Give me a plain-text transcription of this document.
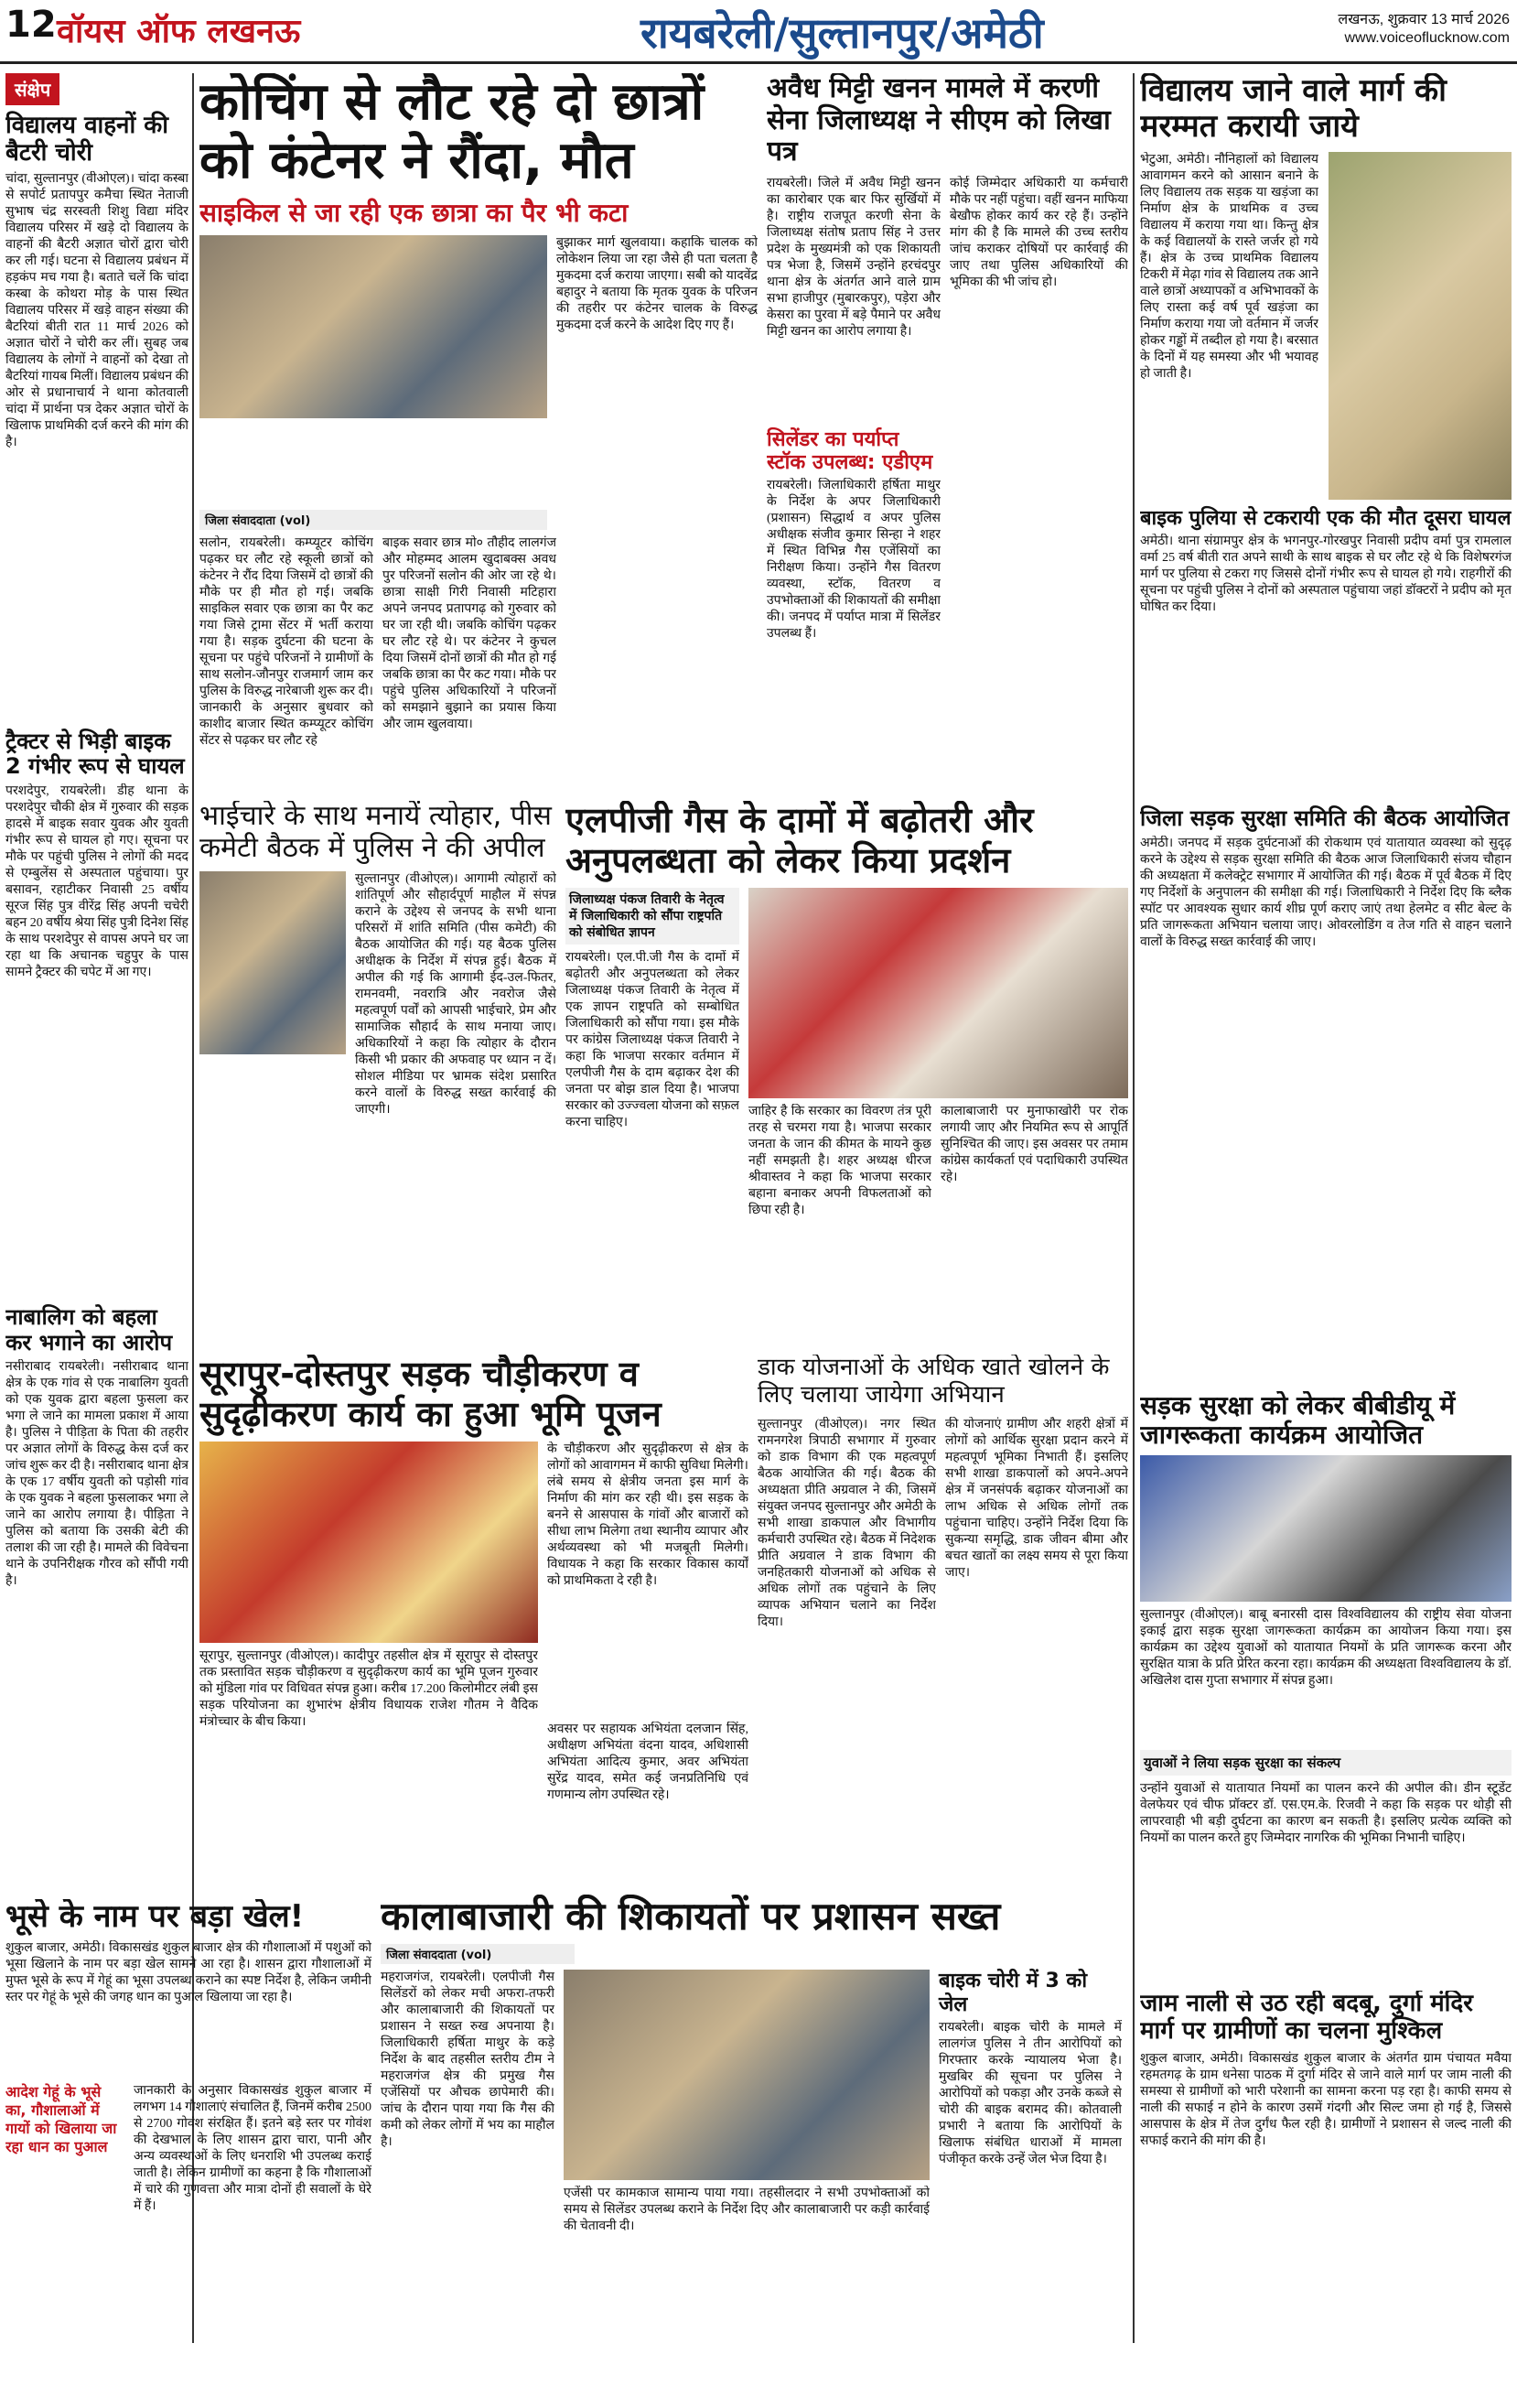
12 वॉयस ऑफ लखनऊ	रायबरेली/सुल्तानपुर/अमेठी	लखनऊ, शुक्रवार 13 मार्च 2026
www.voiceoflucknow.com
संक्षेप
विद्यालय वाहनों की बैटरी चोरी
चांदा, सुल्तानपुर (वीओएल)। चांदा कस्बा से सपोर्ट प्रतापपुर कमैचा स्थित नेताजी सुभाष चंद्र सरस्वती शिशु विद्या मंदिर विद्यालय परिसर में खड़े दो विद्यालय के वाहनों की बैटरी अज्ञात चोरों द्वारा चोरी कर ली गई। घटना से विद्यालय प्रबंधन में हड़कंप मच गया है। बताते चलें कि चांदा कस्बा के कोथरा मोड़ के पास स्थित विद्यालय परिसर में खड़े वाहन संख्या की बैटरियां बीती रात 11 मार्च 2026 को अज्ञात चोरों ने चोरी कर लीं। सुबह जब विद्यालय के लोगों ने वाहनों को देखा तो बैटरियां गायब मिलीं। विद्यालय प्रबंधन की ओर से प्रधानाचार्य ने थाना कोतवाली चांदा में प्रार्थना पत्र देकर अज्ञात चोरों के खिलाफ प्राथमिकी दर्ज करने की मांग की है।
ट्रैक्टर से भिड़ी बाइक 2 गंभीर रूप से घायल
परशदेपुर, रायबरेली। डीह थाना के परशदेपुर चौकी क्षेत्र में गुरुवार की सड़क हादसे में बाइक सवार युवक और युवती गंभीर रूप से घायल हो गए। सूचना पर मौके पर पहुंची पुलिस ने लोगों की मदद से एम्बुलेंस से अस्पताल पहुंचाया। पुर बसावन, रहाटीकर निवासी 25 वर्षीय सूरज सिंह पुत्र वीरेंद्र सिंह अपनी चचेरी बहन 20 वर्षीय श्रेया सिंह पुत्री दिनेश सिंह के साथ परशदेपुर से वापस अपने घर जा रहा था कि अचानक चहुपुर के पास सामने ट्रैक्टर की चपेट में आ गए।
नाबालिग को बहला कर भगाने का आरोप
नसीराबाद रायबरेली। नसीराबाद थाना क्षेत्र के एक गांव से एक नाबालिग युवती को एक युवक द्वारा बहला फुसला कर भगा ले जाने का मामला प्रकाश में आया है। पुलिस ने पीड़िता के पिता की तहरीर पर अज्ञात लोगों के विरुद्ध केस दर्ज कर जांच शुरू कर दी है। नसीराबाद थाना क्षेत्र के एक 17 वर्षीय युवती को पड़ोसी गांव के एक युवक ने बहला फुसलाकर भगा ले जाने का आरोप लगाया है। पीड़िता ने पुलिस को बताया कि उसकी बेटी की तलाश की जा रही है। मामले की विवेचना थाने के उपनिरीक्षक गौरव को सौंपी गयी है।
कोचिंग से लौट रहे दो छात्रों को कंटेनर ने रौंदा, मौत
साइकिल से जा रही एक छात्रा का पैर भी कटा
बुझाकर मार्ग खुलवाया। कहाकि चालक को लोकेशन लिया जा रहा जैसे ही पता चलता है मुकदमा दर्ज कराया जाएगा। सबी को यादवेंद्र बहादुर ने बताया कि मृतक युवक के परिजन की तहरीर पर कंटेनर चालक के विरुद्ध मुकदमा दर्ज करने के आदेश दिए गए हैं।
जिला संवाददाता (vol)
सलोन, रायबरेली। कम्प्यूटर कोचिंग पढ़कर घर लौट रहे स्कूली छात्रों को कंटेनर ने रौंद दिया जिसमें दो छात्रों की मौके पर ही मौत हो गई। जबकि साइकिल सवार एक छात्रा का पैर कट गया जिसे ट्रामा सेंटर में भर्ती कराया गया है। सड़क दुर्घटना की घटना के सूचना पर पहुंचे परिजनों ने ग्रामीणों के साथ सलोन-जौनपुर राजमार्ग जाम कर पुलिस के विरुद्ध नारेबाजी शुरू कर दी। जानकारी के अनुसार बुधवार को काशीद बाजार स्थित कम्प्यूटर कोचिंग सेंटर से पढ़कर घर लौट रहे
बाइक सवार छात्र मो० तौहीद लालगंज और मोहम्मद आलम खुदाबक्स अवध पुर परिजनों सलोन की ओर जा रहे थे। छात्रा साक्षी गिरी निवासी मटिहारा अपने जनपद प्रतापगढ़ को गुरुवार को घर जा रही थी। जबकि कोचिंग पढ़कर घर लौट रहे थे। पर कंटेनर ने कुचल दिया जिसमें दोनों छात्रों की मौत हो गई जबकि छात्रा का पैर कट गया। मौके पर पहुंचे पुलिस अधिकारियों ने परिजनों को समझाने बुझाने का प्रयास किया और जाम खुलवाया।
अवैध मिट्टी खनन मामले में करणी सेना जिलाध्यक्ष ने सीएम को लिखा पत्र
रायबरेली। जिले में अवैध मिट्टी खनन का कारोबार एक बार फिर सुर्खियों में है। राष्ट्रीय राजपूत करणी सेना के जिलाध्यक्ष संतोष प्रताप सिंह ने उत्तर प्रदेश के मुख्यमंत्री को एक शिकायती पत्र भेजा है, जिसमें उन्होंने हरचंदपुर थाना क्षेत्र के अंतर्गत आने वाले ग्राम सभा हाजीपुर (मुबारकपुर), पड़ेरा और केसरा का पुरवा में बड़े पैमाने पर अवैध मिट्टी खनन का आरोप लगाया है।
सिलेंडर का पर्याप्त स्टॉक उपलब्ध: एडीएम
रायबरेली। जिलाधिकारी हर्षिता माथुर के निर्देश के अपर जिलाधिकारी (प्रशासन) सिद्धार्थ व अपर पुलिस अधीक्षक संजीव कुमार सिन्हा ने शहर में स्थित विभिन्न गैस एजेंसियों का निरीक्षण किया। उन्होंने गैस वितरण व्यवस्था, स्टॉक, वितरण व उपभोक्ताओं की शिकायतों की समीक्षा की। जनपद में पर्याप्त मात्रा में सिलेंडर उपलब्ध हैं।
कोई जिम्मेदार अधिकारी या कर्मचारी मौके पर नहीं पहुंचा। वहीं खनन माफिया बेखौफ होकर कार्य कर रहे हैं। उन्होंने मांग की है कि मामले की उच्च स्तरीय जांच कराकर दोषियों पर कार्रवाई की जाए तथा पुलिस अधिकारियों की भूमिका की भी जांच हो।
विद्यालय जाने वाले मार्ग की मरम्मत करायी जाये
भेटुआ, अमेठी। नौनिहालों को विद्यालय आवागमन करने को आसान बनाने के लिए विद्यालय तक सड़क या खड़ंजा का निर्माण क्षेत्र के प्राथमिक व उच्च विद्यालय में कराया गया था। किन्तु क्षेत्र के कई विद्यालयों के रास्ते जर्जर हो गये हैं। क्षेत्र के उच्च प्राथमिक विद्यालय टिकरी में मेढ़ा गांव से विद्यालय तक आने वाले छात्रों अध्यापकों व अभिभावकों के लिए रास्ता कई वर्ष पूर्व खड़ंजा का निर्माण कराया गया जो वर्तमान में जर्जर होकर गड्ढों में तब्दील हो गया है। बरसात के दिनों में यह समस्या और भी भयावह हो जाती है।
बाइक पुलिया से टकरायी एक की मौत दूसरा घायल
अमेठी। थाना संग्रामपुर क्षेत्र के भगनपुर-गोरखपुर निवासी प्रदीप वर्मा पुत्र रामलाल वर्मा 25 वर्ष बीती रात अपने साथी के साथ बाइक से घर लौट रहे थे कि विशेषरगंज मार्ग पर पुलिया से टकरा गए जिससे दोनों गंभीर रूप से घायल हो गये। राहगीरों की सूचना पर पहुंची पुलिस ने दोनों को अस्पताल पहुंचाया जहां डॉक्टरों ने प्रदीप को मृत घोषित कर दिया।
जिला सड़क सुरक्षा समिति की बैठक आयोजित
अमेठी। जनपद में सड़क दुर्घटनाओं की रोकथाम एवं यातायात व्यवस्था को सुदृढ़ करने के उद्देश्य से सड़क सुरक्षा समिति की बैठक आज जिलाधिकारी संजय चौहान की अध्यक्षता में कलेक्ट्रेट सभागार में आयोजित की गई। बैठक में पूर्व बैठक में दिए गए निर्देशों के अनुपालन की समीक्षा की गई। जिलाधिकारी ने निर्देश दिए कि ब्लैक स्पॉट पर आवश्यक सुधार कार्य शीघ्र पूर्ण कराए जाएं तथा हेलमेट व सीट बेल्ट के प्रति जागरूकता अभियान चलाया जाए। ओवरलोडिंग व तेज गति से वाहन चलाने वालों के विरुद्ध सख्त कार्रवाई की जाए।
भाईचारे के साथ मनायें त्योहार, पीस कमेटी बैठक में पुलिस ने की अपील
सुल्तानपुर (वीओएल)। आगामी त्योहारों को शांतिपूर्ण और सौहार्दपूर्ण माहौल में संपन्न कराने के उद्देश्य से जनपद के सभी थाना परिसरों में शांति समिति (पीस कमेटी) की बैठक आयोजित की गई। यह बैठक पुलिस अधीक्षक के निर्देश में संपन्न हुई। बैठक में अपील की गई कि आगामी ईद-उल-फितर, रामनवमी, नवरात्रि और नवरोज जैसे महत्वपूर्ण पर्वों को आपसी भाईचारे, प्रेम और सामाजिक सौहार्द के साथ मनाया जाए। अधिकारियों ने कहा कि त्योहार के दौरान किसी भी प्रकार की अफवाह पर ध्यान न दें। सोशल मीडिया पर भ्रामक संदेश प्रसारित करने वालों के विरुद्ध सख्त कार्रवाई की जाएगी।
एलपीजी गैस के दामों में बढ़ोतरी और अनुपलब्धता को लेकर किया प्रदर्शन
जिलाध्यक्ष पंकज तिवारी के नेतृत्व में जिलाधिकारी को सौंपा राष्ट्रपति को संबोधित ज्ञापन
रायबरेली। एल.पी.जी गैस के दामों में बढ़ोतरी और अनुपलब्धता को लेकर जिलाध्यक्ष पंकज तिवारी के नेतृत्व में एक ज्ञापन राष्ट्रपति को सम्बोधित जिलाधिकारी को सौंपा गया। इस मौके पर कांग्रेस जिलाध्यक्ष पंकज तिवारी ने कहा कि भाजपा सरकार वर्तमान में एलपीजी गैस के दाम बढ़ाकर देश की जनता पर बोझ डाल दिया है। भाजपा सरकार को उज्ज्वला योजना को सफ़ल करना चाहिए।
जाहिर है कि सरकार का विवरण तंत्र पूरी तरह से चरमरा गया है। भाजपा सरकार जनता के जान की कीमत के मायने कुछ नहीं समझती है। शहर अध्यक्ष धीरज श्रीवास्तव ने कहा कि भाजपा सरकार बहाना बनाकर अपनी विफलताओं को छिपा रही है।
कालाबाजारी पर मुनाफाखोरी पर रोक लगायी जाए और नियमित रूप से आपूर्ति सुनिश्चित की जाए। इस अवसर पर तमाम कांग्रेस कार्यकर्ता एवं पदाधिकारी उपस्थित रहे।
सूरापुर-दोस्तपुर सड़क चौड़ीकरण व सुदृढ़ीकरण कार्य का हुआ भूमि पूजन
सूरापुर, सुल्तानपुर (वीओएल)। कादीपुर तहसील क्षेत्र में सूरापुर से दोस्तपुर तक प्रस्तावित सड़क चौड़ीकरण व सुदृढ़ीकरण कार्य का भूमि पूजन गुरुवार को मुंडिला गांव पर विधिवत संपन्न हुआ। करीब 17.200 किलोमीटर लंबी इस सड़क परियोजना का शुभारंभ क्षेत्रीय विधायक राजेश गौतम ने वैदिक मंत्रोच्चार के बीच किया।
के चौड़ीकरण और सुदृढ़ीकरण से क्षेत्र के लोगों को आवागमन में काफी सुविधा मिलेगी। लंबे समय से क्षेत्रीय जनता इस मार्ग के निर्माण की मांग कर रही थी। इस सड़क के बनने से आसपास के गांवों और बाजारों को सीधा लाभ मिलेगा तथा स्थानीय व्यापार और अर्थव्यवस्था को भी मजबूती मिलेगी। विधायक ने कहा कि सरकार विकास कार्यों को प्राथमिकता दे रही है।
अवसर पर सहायक अभियंता दलजान सिंह, अधीक्षण अभियंता वंदना यादव, अधिशासी अभियंता आदित्य कुमार, अवर अभियंता सुरेंद्र यादव, समेत कई जनप्रतिनिधि एवं गणमान्य लोग उपस्थित रहे।
डाक योजनाओं के अधिक खाते खोलने के लिए चलाया जायेगा अभियान
सुल्तानपुर (वीओएल)। नगर स्थित रामनगरेश त्रिपाठी सभागार में गुरुवार को डाक विभाग की एक महत्वपूर्ण बैठक आयोजित की गई। बैठक की अध्यक्षता प्रीति अग्रवाल ने की, जिसमें संयुक्त जनपद सुल्तानपुर और अमेठी के सभी शाखा डाकपाल और विभागीय कर्मचारी उपस्थित रहे। बैठक में निदेशक प्रीति अग्रवाल ने डाक विभाग की जनहितकारी योजनाओं को अधिक से अधिक लोगों तक पहुंचाने के लिए व्यापक अभियान चलाने का निर्देश दिया।
की योजनाएं ग्रामीण और शहरी क्षेत्रों में लोगों को आर्थिक सुरक्षा प्रदान करने में महत्वपूर्ण भूमिका निभाती हैं। इसलिए सभी शाखा डाकपालों को अपने-अपने क्षेत्र में जनसंपर्क बढ़ाकर योजनाओं का लाभ अधिक से अधिक लोगों तक पहुंचाना चाहिए। उन्होंने निर्देश दिया कि सुकन्या समृद्धि, डाक जीवन बीमा और बचत खातों का लक्ष्य समय से पूरा किया जाए।
सड़क सुरक्षा को लेकर बीबीडीयू में जागरूकता कार्यक्रम आयोजित
सुल्तानपुर (वीओएल)। बाबू बनारसी दास विश्वविद्यालय की राष्ट्रीय सेवा योजना इकाई द्वारा सड़क सुरक्षा जागरूकता कार्यक्रम का आयोजन किया गया। इस कार्यक्रम का उद्देश्य युवाओं को यातायात नियमों के प्रति जागरूक करना और सुरक्षित यात्रा के प्रति प्रेरित करना रहा। कार्यक्रम की अध्यक्षता विश्वविद्यालय के डॉ. अखिलेश दास गुप्ता सभागार में संपन्न हुआ।
युवाओं ने लिया सड़क सुरक्षा का संकल्प
उन्होंने युवाओं से यातायात नियमों का पालन करने की अपील की। डीन स्टूडेंट वेलफेयर एवं चीफ प्रॉक्टर डॉ. एस.एम.के. रिजवी ने कहा कि सड़क पर थोड़ी सी लापरवाही भी बड़ी दुर्घटना का कारण बन सकती है। इसलिए प्रत्येक व्यक्ति को नियमों का पालन करते हुए जिम्मेदार नागरिक की भूमिका निभानी चाहिए।
भूसे के नाम पर बड़ा खेल!
शुकुल बाजार, अमेठी। विकासखंड शुकुल बाजार क्षेत्र की गौशालाओं में पशुओं को भूसा खिलाने के नाम पर बड़ा खेल सामने आ रहा है। शासन द्वारा गौशालाओं में मुफ्त भूसे के रूप में गेहूं का भूसा उपलब्ध कराने का स्पष्ट निर्देश है, लेकिन जमीनी स्तर पर गेहूं के भूसे की जगह धान का पुआल खिलाया जा रहा है।
आदेश गेहूं के भूसे का, गौशालाओं में गायों को खिलाया जा रहा धान का पुआल
जानकारी के अनुसार विकासखंड शुकुल बाजार में लगभग 14 गौशालाएं संचालित हैं, जिनमें करीब 2500 से 2700 गोवंश संरक्षित हैं। इतने बड़े स्तर पर गोवंश की देखभाल के लिए शासन द्वारा चारा, पानी और अन्य व्यवस्थाओं के लिए धनराशि भी उपलब्ध कराई जाती है। लेकिन ग्रामीणों का कहना है कि गौशालाओं में चारे की गुणवत्ता और मात्रा दोनों ही सवालों के घेरे में हैं।
कालाबाजारी की शिकायतों पर प्रशासन सख्त
जिला संवाददाता (vol)
महराजगंज, रायबरेली। एलपीजी गैस सिलेंडरों को लेकर मची अफरा-तफरी और कालाबाजारी की शिकायतों पर प्रशासन ने सख्त रुख अपनाया है। जिलाधिकारी हर्षिता माथुर के कड़े निर्देश के बाद तहसील स्तरीय टीम ने महराजगंज क्षेत्र की प्रमुख गैस एजेंसियों पर औचक छापेमारी की। जांच के दौरान पाया गया कि गैस की कमी को लेकर लोगों में भय का माहौल है।
एजेंसी पर कामकाज सामान्य पाया गया। तहसीलदार ने सभी उपभोक्ताओं को समय से सिलेंडर उपलब्ध कराने के निर्देश दिए और कालाबाजारी पर कड़ी कार्रवाई की चेतावनी दी।
बाइक चोरी में 3 को जेल
रायबरेली। बाइक चोरी के मामले में लालगंज पुलिस ने तीन आरोपियों को गिरफ्तार करके न्यायालय भेजा है। मुखबिर की सूचना पर पुलिस ने आरोपियों को पकड़ा और उनके कब्जे से चोरी की बाइक बरामद की। कोतवाली प्रभारी ने बताया कि आरोपियों के खिलाफ संबंधित धाराओं में मामला पंजीकृत करके उन्हें जेल भेज दिया है।
जाम नाली से उठ रही बदबू, दुर्गा मंदिर मार्ग पर ग्रामीणों का चलना मुश्किल
शुकुल बाजार, अमेठी। विकासखंड शुकुल बाजार के अंतर्गत ग्राम पंचायत मवैया रहमतगढ़ के ग्राम धनेसा पाठक में दुर्गा मंदिर से जाने वाले मार्ग पर जाम नाली की समस्या से ग्रामीणों को भारी परेशानी का सामना करना पड़ रहा है। काफी समय से नाली की सफाई न होने के कारण उसमें गंदगी और सिल्ट जमा हो गई है, जिससे आसपास के क्षेत्र में तेज दुर्गंध फैल रही है। ग्रामीणों ने प्रशासन से जल्द नाली की सफाई कराने की मांग की है।
